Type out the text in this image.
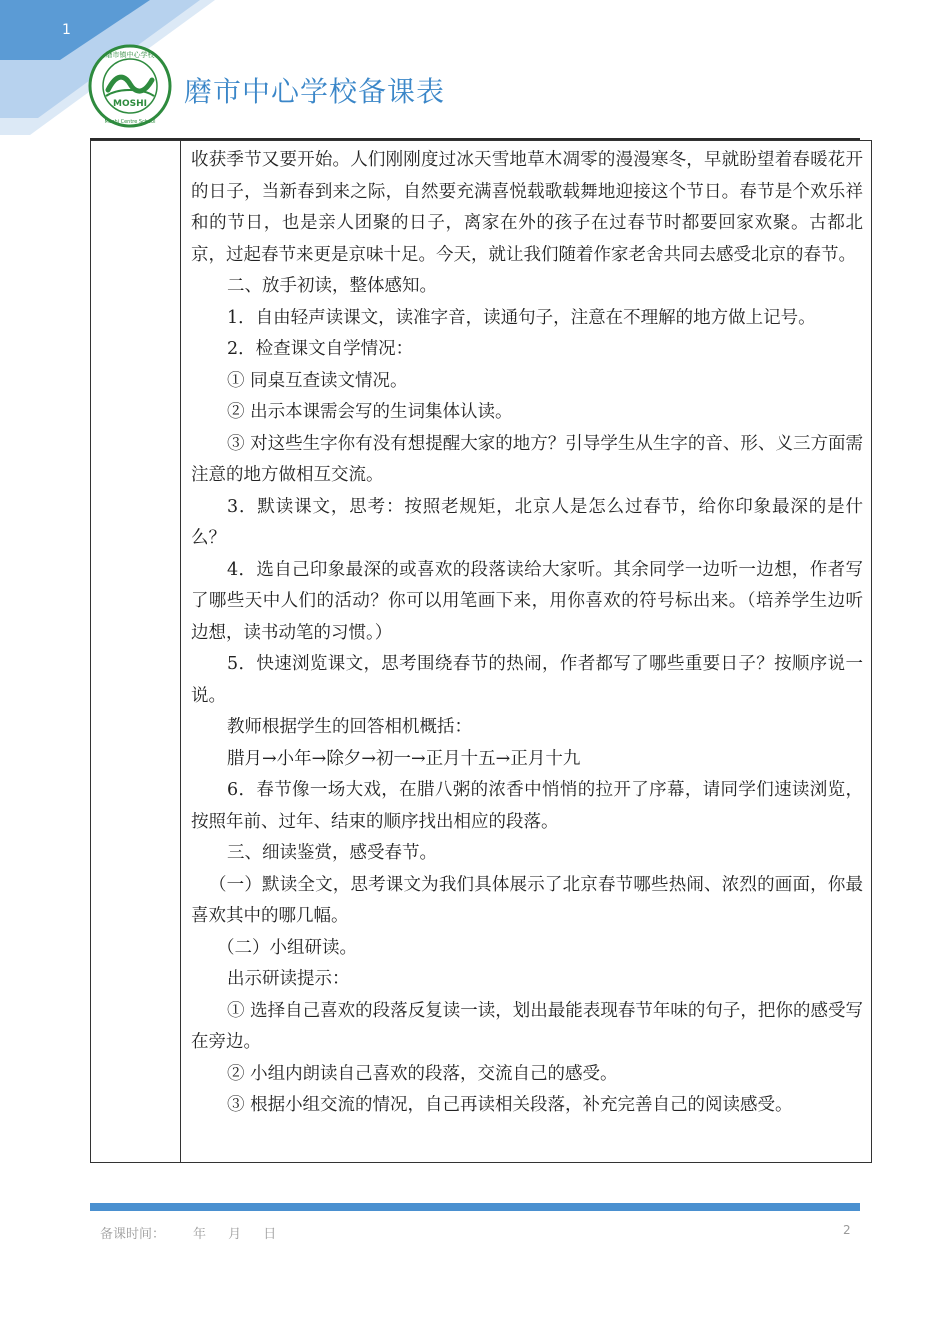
1
MOSHI
磨市镇中心学校
Moshi Centre School
磨市中心学校备课表

收获季节又要开始。人们刚刚度过冰天雪地草木凋零的漫漫寒冬，早就盼望着春暖花开的日子，当新春到来之际，自然要充满喜悦载歌载舞地迎接这个节日。春节是个欢乐祥和的节日，也是亲人团聚的日子，离家在外的孩子在过春节时都要回家欢聚。古都北京，过起春节来更是京味十足。今天，就让我们随着作家老舍共同去感受北京的春节。

二、放手初读，整体感知。

1．自由轻声读课文，读准字音，读通句子，注意在不理解的地方做上记号。

2．检查课文自学情况：

① 同桌互查读文情况。

② 出示本课需会写的生词集体认读。

③ 对这些生字你有没有想提醒大家的地方？引导学生从生字的音、形、义三方面需注意的地方做相互交流。

3．默读课文，思考：按照老规矩，北京人是怎么过春节，给你印象最深的是什么？

4．选自己印象最深的或喜欢的段落读给大家听。其余同学一边听一边想，作者写了哪些天中人们的活动？你可以用笔画下来，用你喜欢的符号标出来。（培养学生边听边想，读书动笔的习惯。）

5．快速浏览课文，思考围绕春节的热闹，作者都写了哪些重要日子？按顺序说一说。

教师根据学生的回答相机概括：

腊月→小年→除夕→初一→正月十五→正月十九

6．春节像一场大戏，在腊八粥的浓香中悄悄的拉开了序幕，请同学们速读浏览，按照年前、过年、结束的顺序找出相应的段落。

三、细读鉴赏，感受春节。

（一）默读全文，思考课文为我们具体展示了北京春节哪些热闹、浓烈的画面，你最喜欢其中的哪几幅。

（二）小组研读。

出示研读提示：

① 选择自己喜欢的段落反复读一读，划出最能表现春节年味的句子，把你的感受写在旁边。

② 小组内朗读自己喜欢的段落，交流自己的感受。

③ 根据小组交流的情况，自己再读相关段落，补充完善自己的阅读感受。

备课时间： 年 月 日	2
